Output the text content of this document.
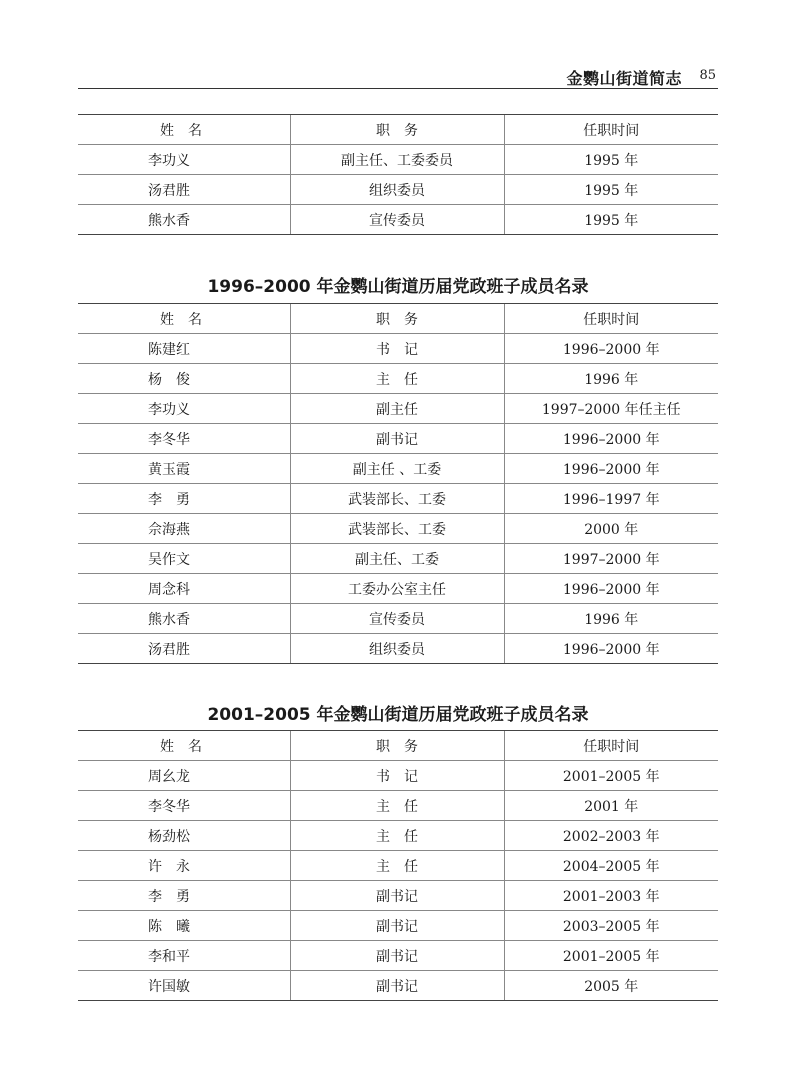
金鹦山街道简志 85
姓　名	职　务	任职时间
李功义	副主任、工委委员	1995 年
汤君胜	组织委员	1995 年
熊水香	宣传委员	1995 年
1996–2000 年金鹦山街道历届党政班子成员名录
姓　名	职　务	任职时间
陈建红	书　记	1996–2000 年
杨　俊	主　任	1996 年
李功义	副主任	1997–2000 年任主任
李冬华	副书记	1996–2000 年
黄玉霞	副主任 、工委	1996–2000 年
李　勇	武装部长、工委	1996–1997 年
佘海燕	武装部长、工委	2000 年
吴作文	副主任、工委	1997–2000 年
周念科	工委办公室主任	1996–2000 年
熊水香	宣传委员	1996 年
汤君胜	组织委员	1996–2000 年
2001–2005 年金鹦山街道历届党政班子成员名录
姓　名	职　务	任职时间
周幺龙	书　记	2001–2005 年
李冬华	主　任	2001 年
杨劲松	主　任	2002–2003 年
许　永	主　任	2004–2005 年
李　勇	副书记	2001–2003 年
陈　曦	副书记	2003–2005 年
李和平	副书记	2001–2005 年
许国敏	副书记	2005 年
